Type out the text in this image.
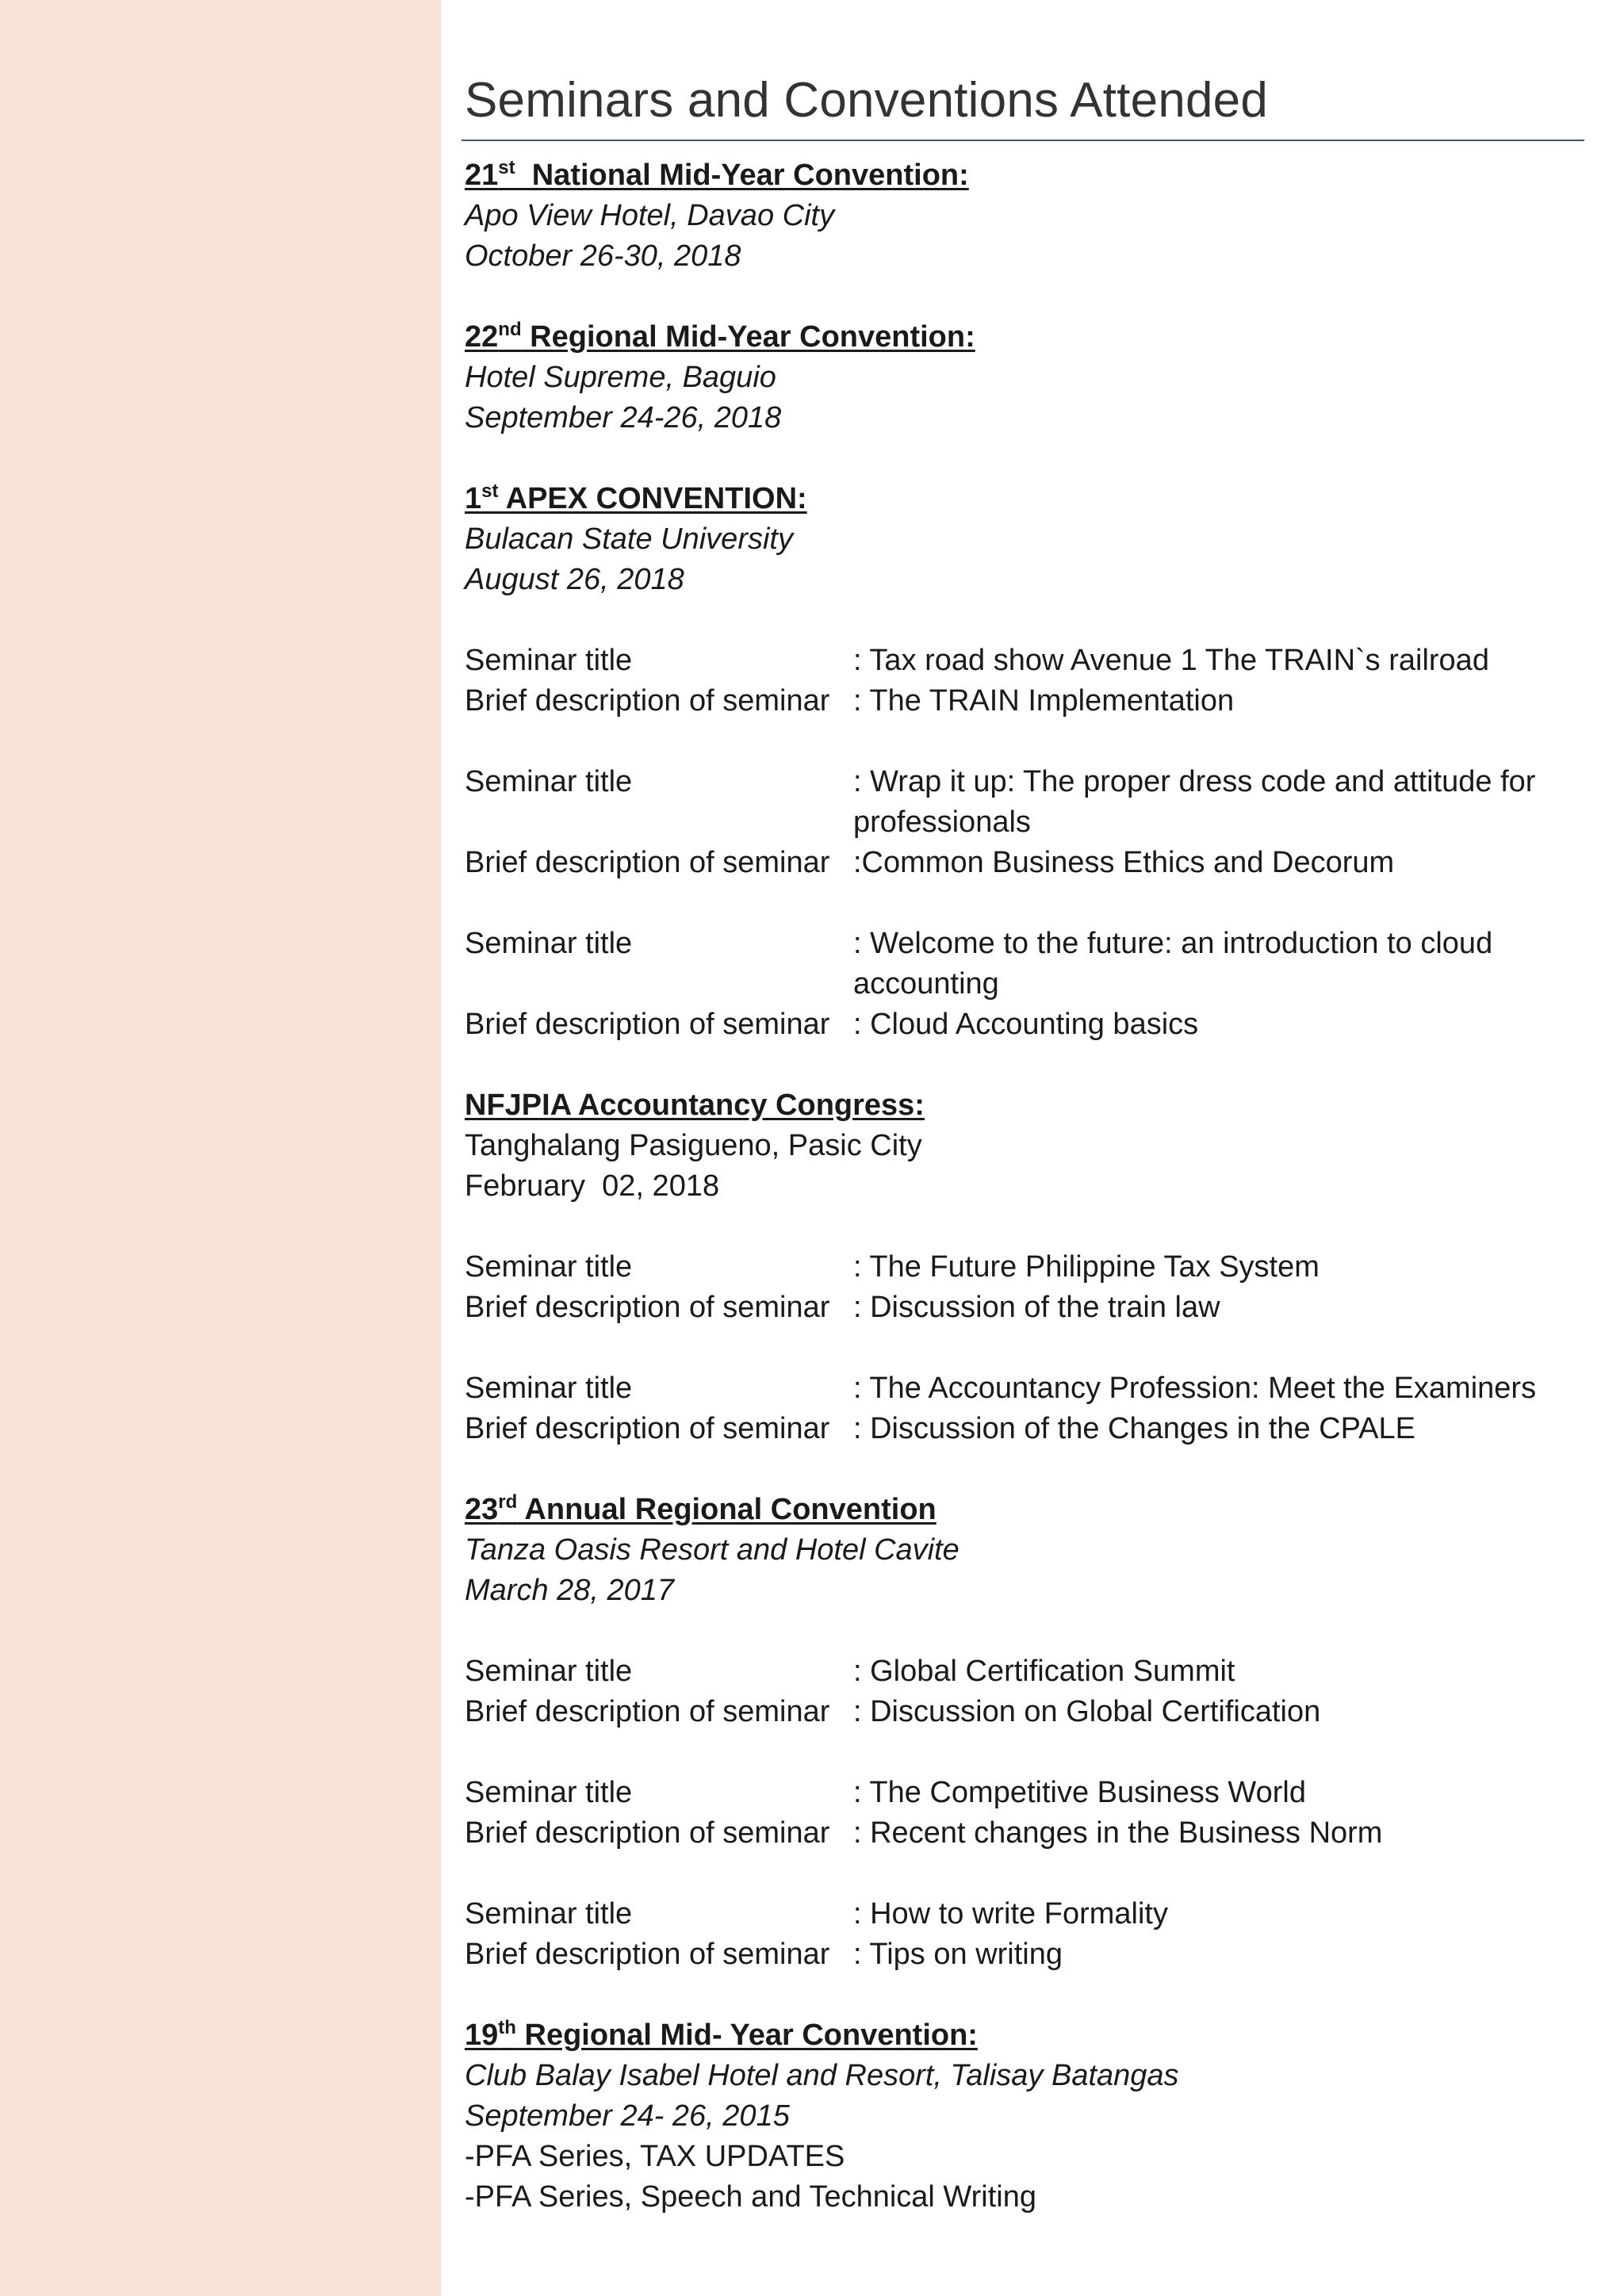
Seminars and Conventions Attended
21st  National Mid-Year Convention:
Apo View Hotel, Davao City
October 26-30, 2018
22nd Regional Mid-Year Convention:
Hotel Supreme, Baguio
September 24-26, 2018
1st APEX CONVENTION:
Bulacan State University
August 26, 2018
Seminar title	: Tax road show Avenue 1 The TRAIN`s railroad
Brief description of seminar : The TRAIN Implementation
Seminar title	: Wrap it up: The proper dress code and attitude for professionals
Brief description of seminar :Common Business Ethics and Decorum
Seminar title	: Welcome to the future: an introduction to cloud accounting
Brief description of seminar : Cloud Accounting basics
NFJPIA Accountancy Congress:
Tanghalang Pasigueno, Pasic City
February  02, 2018
Seminar title	: The Future Philippine Tax System
Brief description of seminar : Discussion of the train law
Seminar title	: The Accountancy Profession: Meet the Examiners
Brief description of seminar : Discussion of the Changes in the CPALE
23rd Annual Regional Convention
Tanza Oasis Resort and Hotel Cavite
March 28, 2017
Seminar title	: Global Certification Summit
Brief description of seminar : Discussion on Global Certification
Seminar title	: The Competitive Business World
Brief description of seminar : Recent changes in the Business Norm
Seminar title	: How to write Formality
Brief description of seminar : Tips on writing
19th Regional Mid- Year Convention:
Club Balay Isabel Hotel and Resort, Talisay Batangas
September 24- 26, 2015
-PFA Series, TAX UPDATES
-PFA Series, Speech and Technical Writing
